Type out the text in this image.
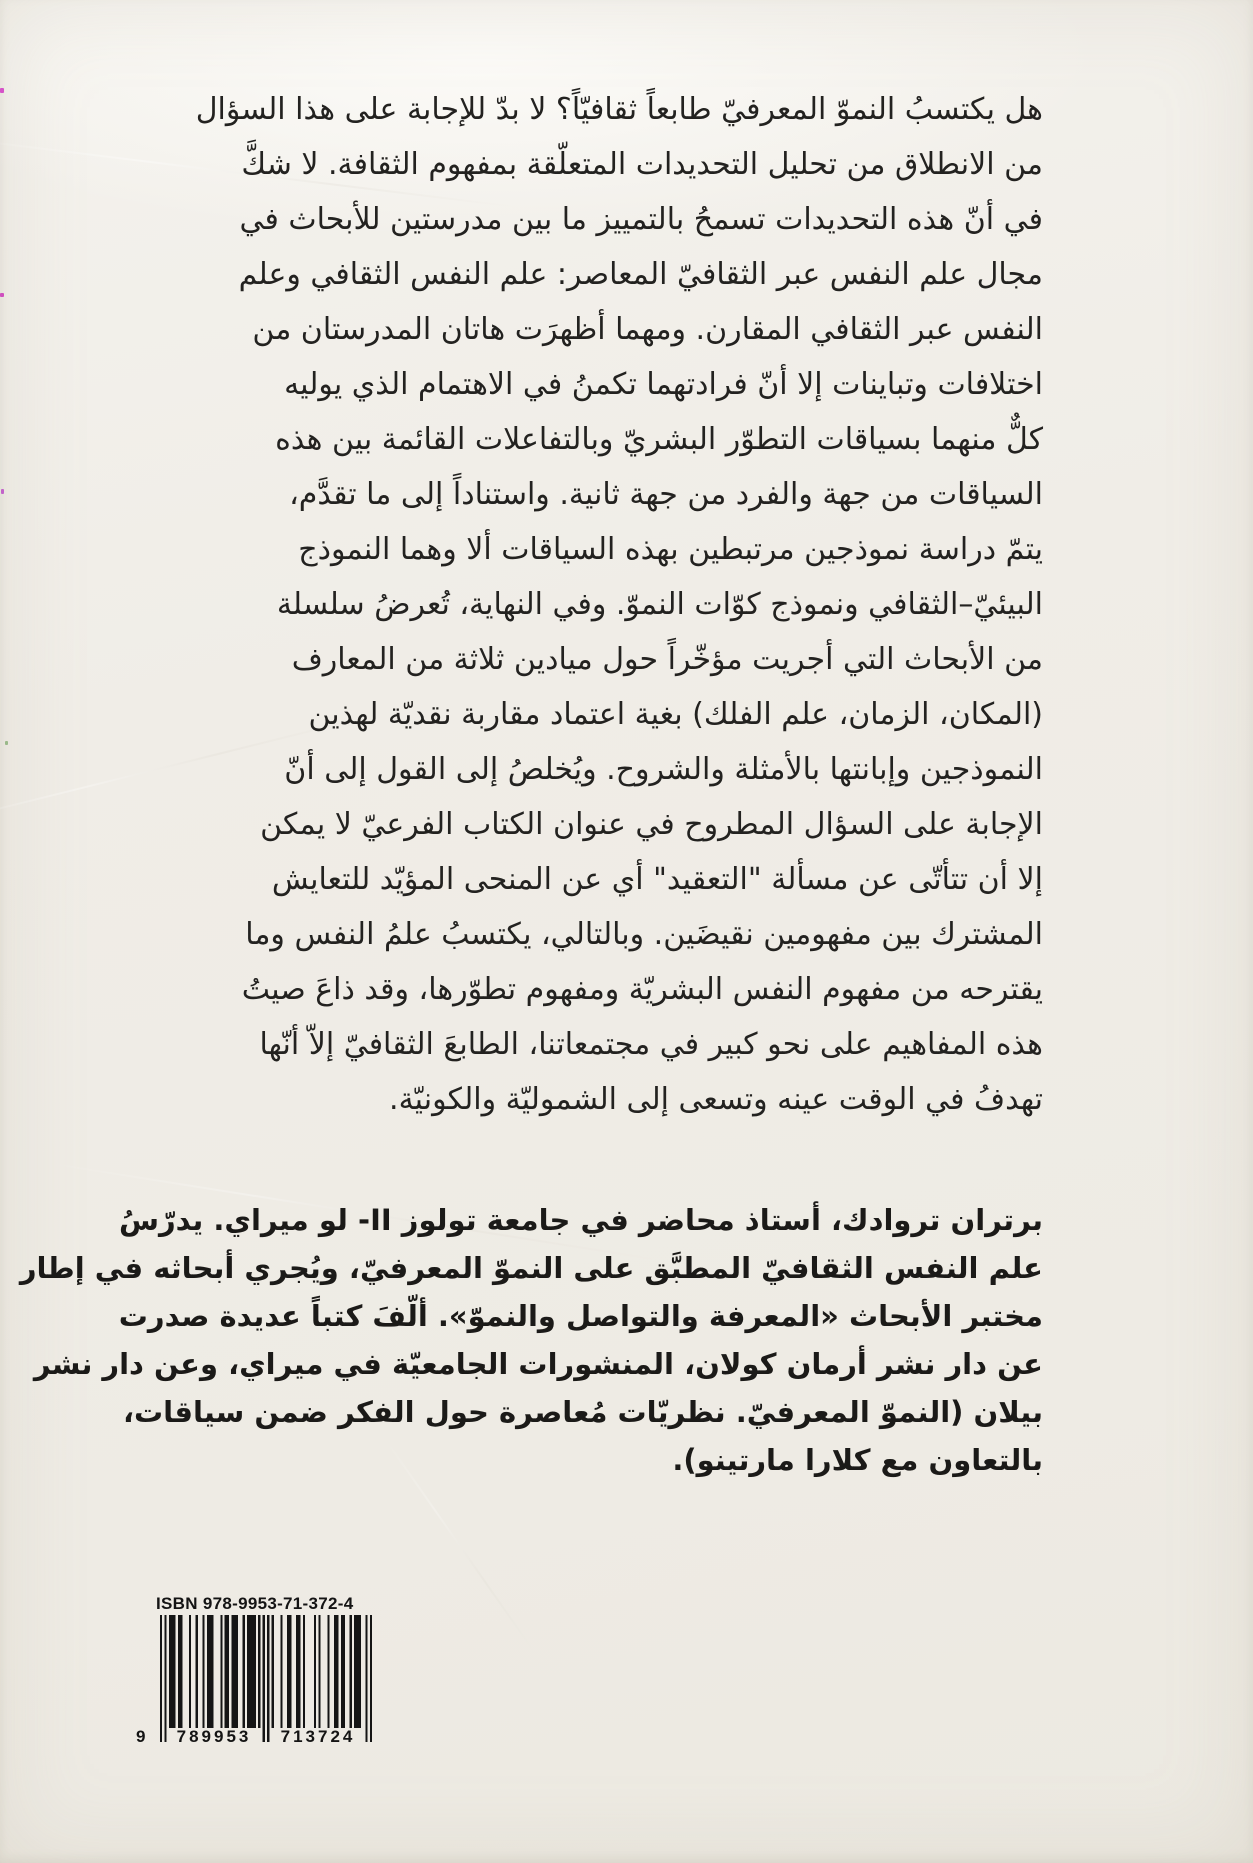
هل يكتسبُ النموّ المعرفيّ طابعاً ثقافيّاً؟ لا بدّ للإجابة على هذا السؤال
من الانطلاق من تحليل التحديدات المتعلّقة بمفهوم الثقافة. لا شكَّ
في أنّ هذه التحديدات تسمحُ بالتمييز ما بين مدرستين للأبحاث في
مجال علم النفس عبر الثقافيّ المعاصر: علم النفس الثقافي وعلم
النفس عبر الثقافي المقارن. ومهما أظهرَت هاتان المدرستان من
اختلافات وتباينات إلا أنّ فرادتهما تكمنُ في الاهتمام الذي يوليه
كلٌّ منهما بسياقات التطوّر البشريّ وبالتفاعلات القائمة بين هذه
السياقات من جهة والفرد من جهة ثانية. واستناداً إلى ما تقدَّم،
يتمّ دراسة نموذجين مرتبطين بهذه السياقات ألا وهما النموذج
البيئيّ–الثقافي ونموذج كوّات النموّ. وفي النهاية، تُعرضُ سلسلة
من الأبحاث التي أجريت مؤخّراً حول ميادين ثلاثة من المعارف
(المكان، الزمان، علم الفلك) بغية اعتماد مقاربة نقديّة لهذين
النموذجين وإبانتها بالأمثلة والشروح. ويُخلصُ إلى القول إلى أنّ
الإجابة على السؤال المطروح في عنوان الكتاب الفرعيّ لا يمكن
إلا أن تتأتّى عن مسألة "التعقيد" أي عن المنحى المؤيّد للتعايش
المشترك بين مفهومين نقيضَين. وبالتالي، يكتسبُ علمُ النفس وما
يقترحه من مفهوم النفس البشريّة ومفهوم تطوّرها، وقد ذاعَ صيتُ
هذه المفاهيم على نحو كبير في مجتمعاتنا، الطابعَ الثقافيّ إلاّ أنّها
تهدفُ في الوقت عينه وتسعى إلى الشموليّة والكونيّة.
برتران تروادك، أستاذ محاضر في جامعة تولوز II- لو ميراي. يدرّسُ
علم النفس الثقافيّ المطبَّق على النموّ المعرفيّ، ويُجري أبحاثه في إطار
مختبر الأبحاث «المعرفة والتواصل والنموّ». ألّفَ كتباً عديدة صدرت
عن دار نشر أرمان كولان، المنشورات الجامعيّة في ميراي، وعن دار نشر
بيلان (النموّ المعرفيّ. نظريّات مُعاصرة حول الفكر ضمن سياقات،
بالتعاون مع كلارا مارتينو).
ISBN 978-9953-71-372-4
9	789953	713724
